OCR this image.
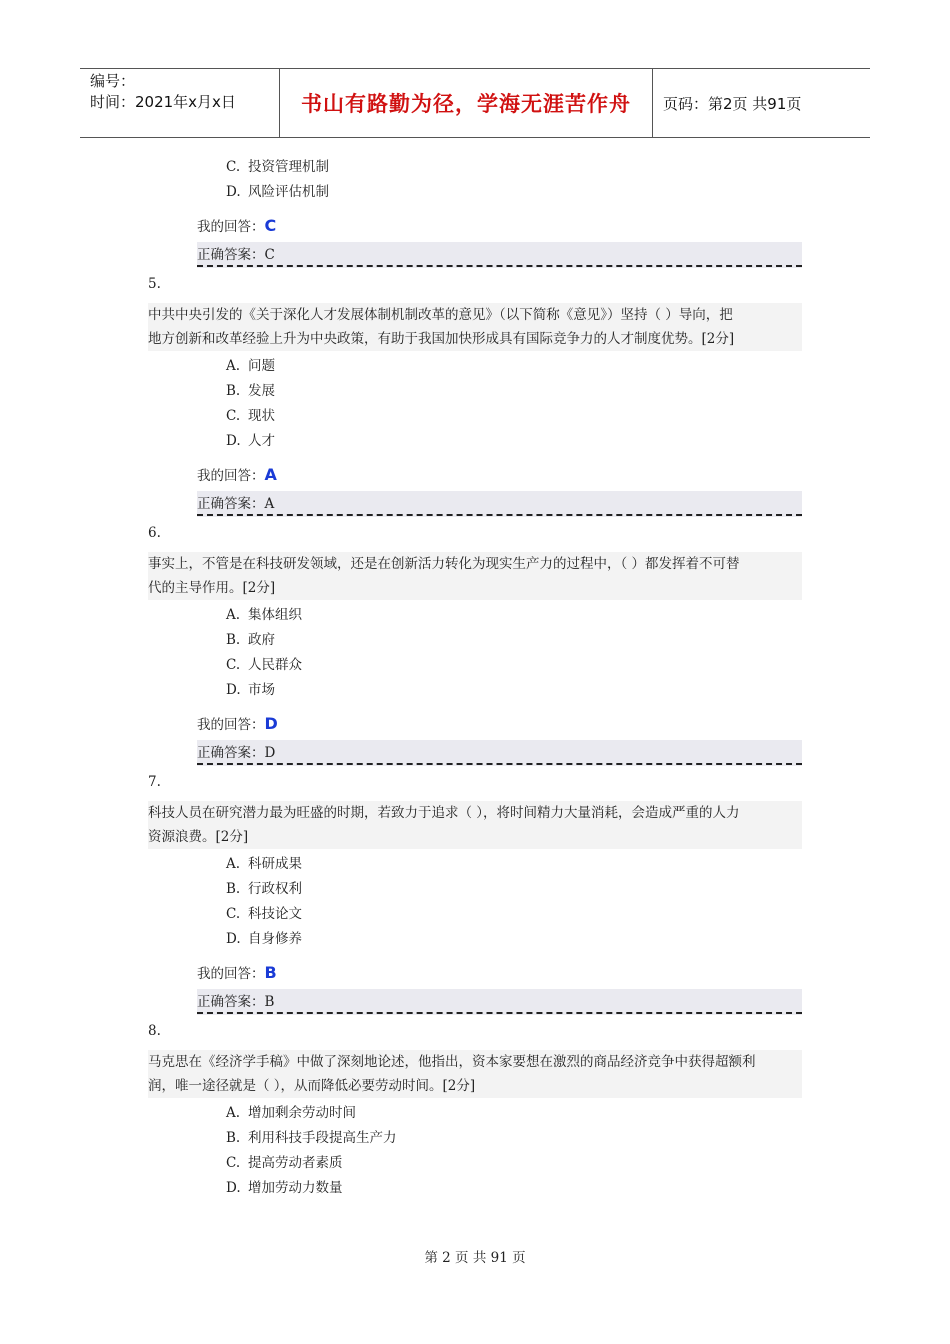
编号：
时间：2021年x月x日	书山有路勤为径，学海无涯苦作舟	页码：第2页 共91页
C. 投资管理机制
D. 风险评估机制
我的回答：C
正确答案：C
5.
中共中央引发的《关于深化人才发展体制机制改革的意见》（以下简称《意见》）坚持（ ）导向，把
地方创新和改革经验上升为中央政策，有助于我国加快形成具有国际竞争力的人才制度优势。[2分]
A. 问题
B. 发展
C. 现状
D. 人才
我的回答：A
正确答案：A
6.
事实上，不管是在科技研发领域，还是在创新活力转化为现实生产力的过程中，（ ）都发挥着不可替
代的主导作用。[2分]
A. 集体组织
B. 政府
C. 人民群众
D. 市场
我的回答：D
正确答案：D
7.
科技人员在研究潜力最为旺盛的时期，若致力于追求（ ），将时间精力大量消耗，会造成严重的人力
资源浪费。[2分]
A. 科研成果
B. 行政权利
C. 科技论文
D. 自身修养
我的回答：B
正确答案：B
8.
马克思在《经济学手稿》中做了深刻地论述，他指出，资本家要想在激烈的商品经济竞争中获得超额利
润，唯一途径就是（ ），从而降低必要劳动时间。[2分]
A. 增加剩余劳动时间
B. 利用科技手段提高生产力
C. 提高劳动者素质
D. 增加劳动力数量
第 2 页 共 91 页
